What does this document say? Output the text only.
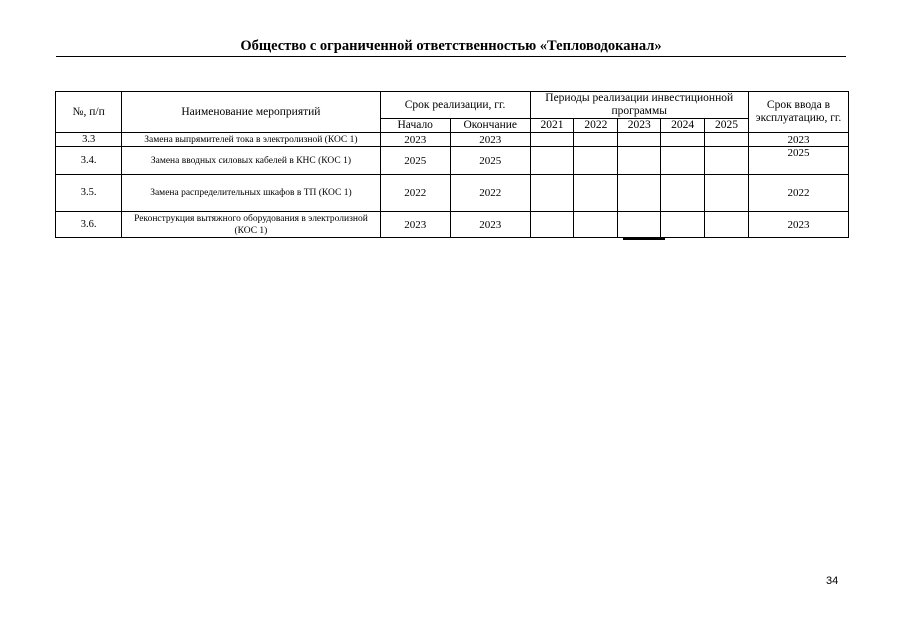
Общество с ограниченной ответственностью «Тепловодоканал»
№, п/п	Наименование мероприятий	Срок реализации, гг.		Периоды реализации инвестиционной программы					Срок ввода в эксплуатацию, гг.
		Начало	Окончание	2021	2022	2023	2024	2025	
3.3	Замена выпрямителей тока в электролизной (КОС 1)	2023	2023						2023
3.4.	Замена вводных силовых кабелей в КНС (КОС 1)	2025	2025						2025
3.5.	Замена распределительных шкафов в ТП (КОС 1)	2022	2022						2022
3.6.	Реконструкция вытяжного оборудования в электролизной (КОС 1)	2023	2023						2023
34
